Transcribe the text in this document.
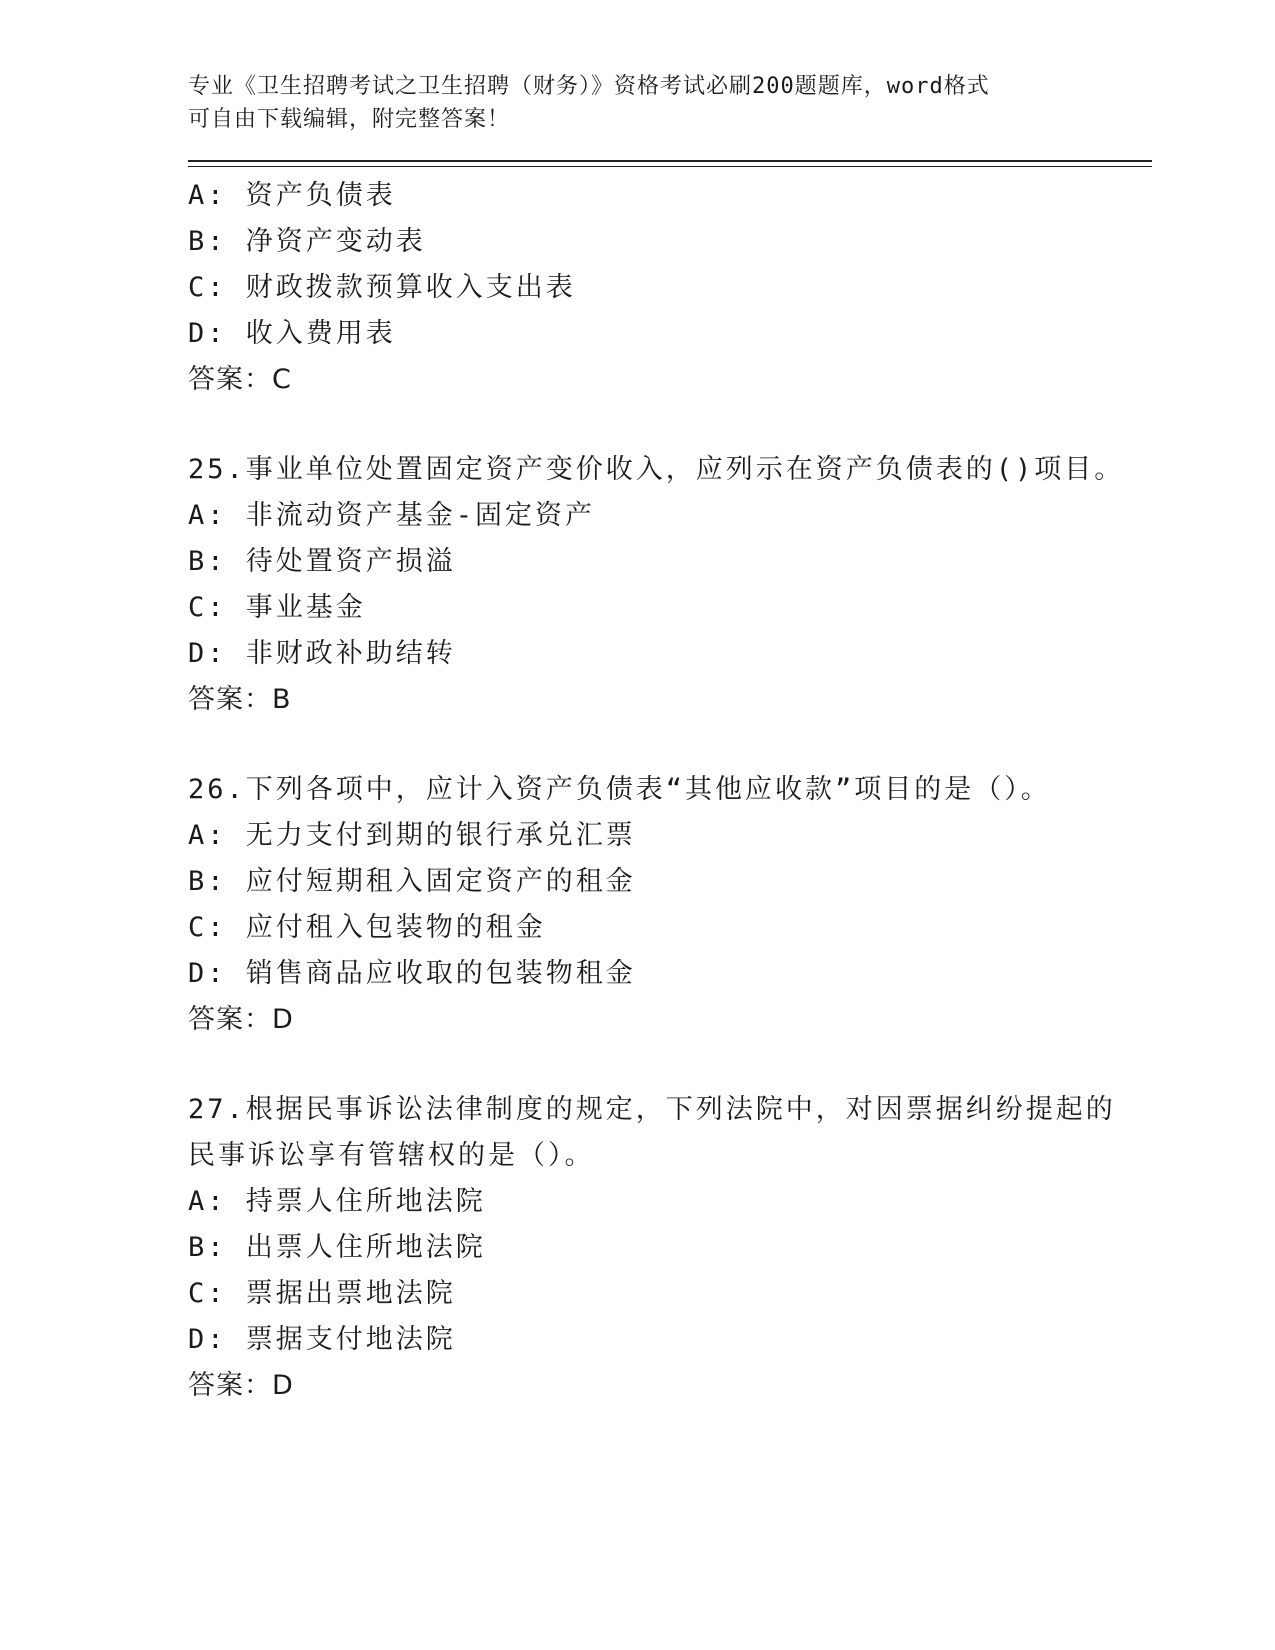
专业《卫生招聘考试之卫生招聘（财务）》资格考试必刷200题题库，word格式
可自由下载编辑，附完整答案！
A: 资产负债表
B: 净资产变动表
C: 财政拨款预算收入支出表
D: 收入费用表
答案：C
25.事业单位处置固定资产变价收入，应列示在资产负债表的()项目。
A: 非流动资产基金-固定资产
B: 待处置资产损溢
C: 事业基金
D: 非财政补助结转
答案：B
26.下列各项中，应计入资产负债表“其他应收款”项目的是（）。
A: 无力支付到期的银行承兑汇票
B: 应付短期租入固定资产的租金
C: 应付租入包装物的租金
D: 销售商品应收取的包装物租金
答案：D
27.根据民事诉讼法律制度的规定，下列法院中，对因票据纠纷提起的
民事诉讼享有管辖权的是（）。
A: 持票人住所地法院
B: 出票人住所地法院
C: 票据出票地法院
D: 票据支付地法院
答案：D
